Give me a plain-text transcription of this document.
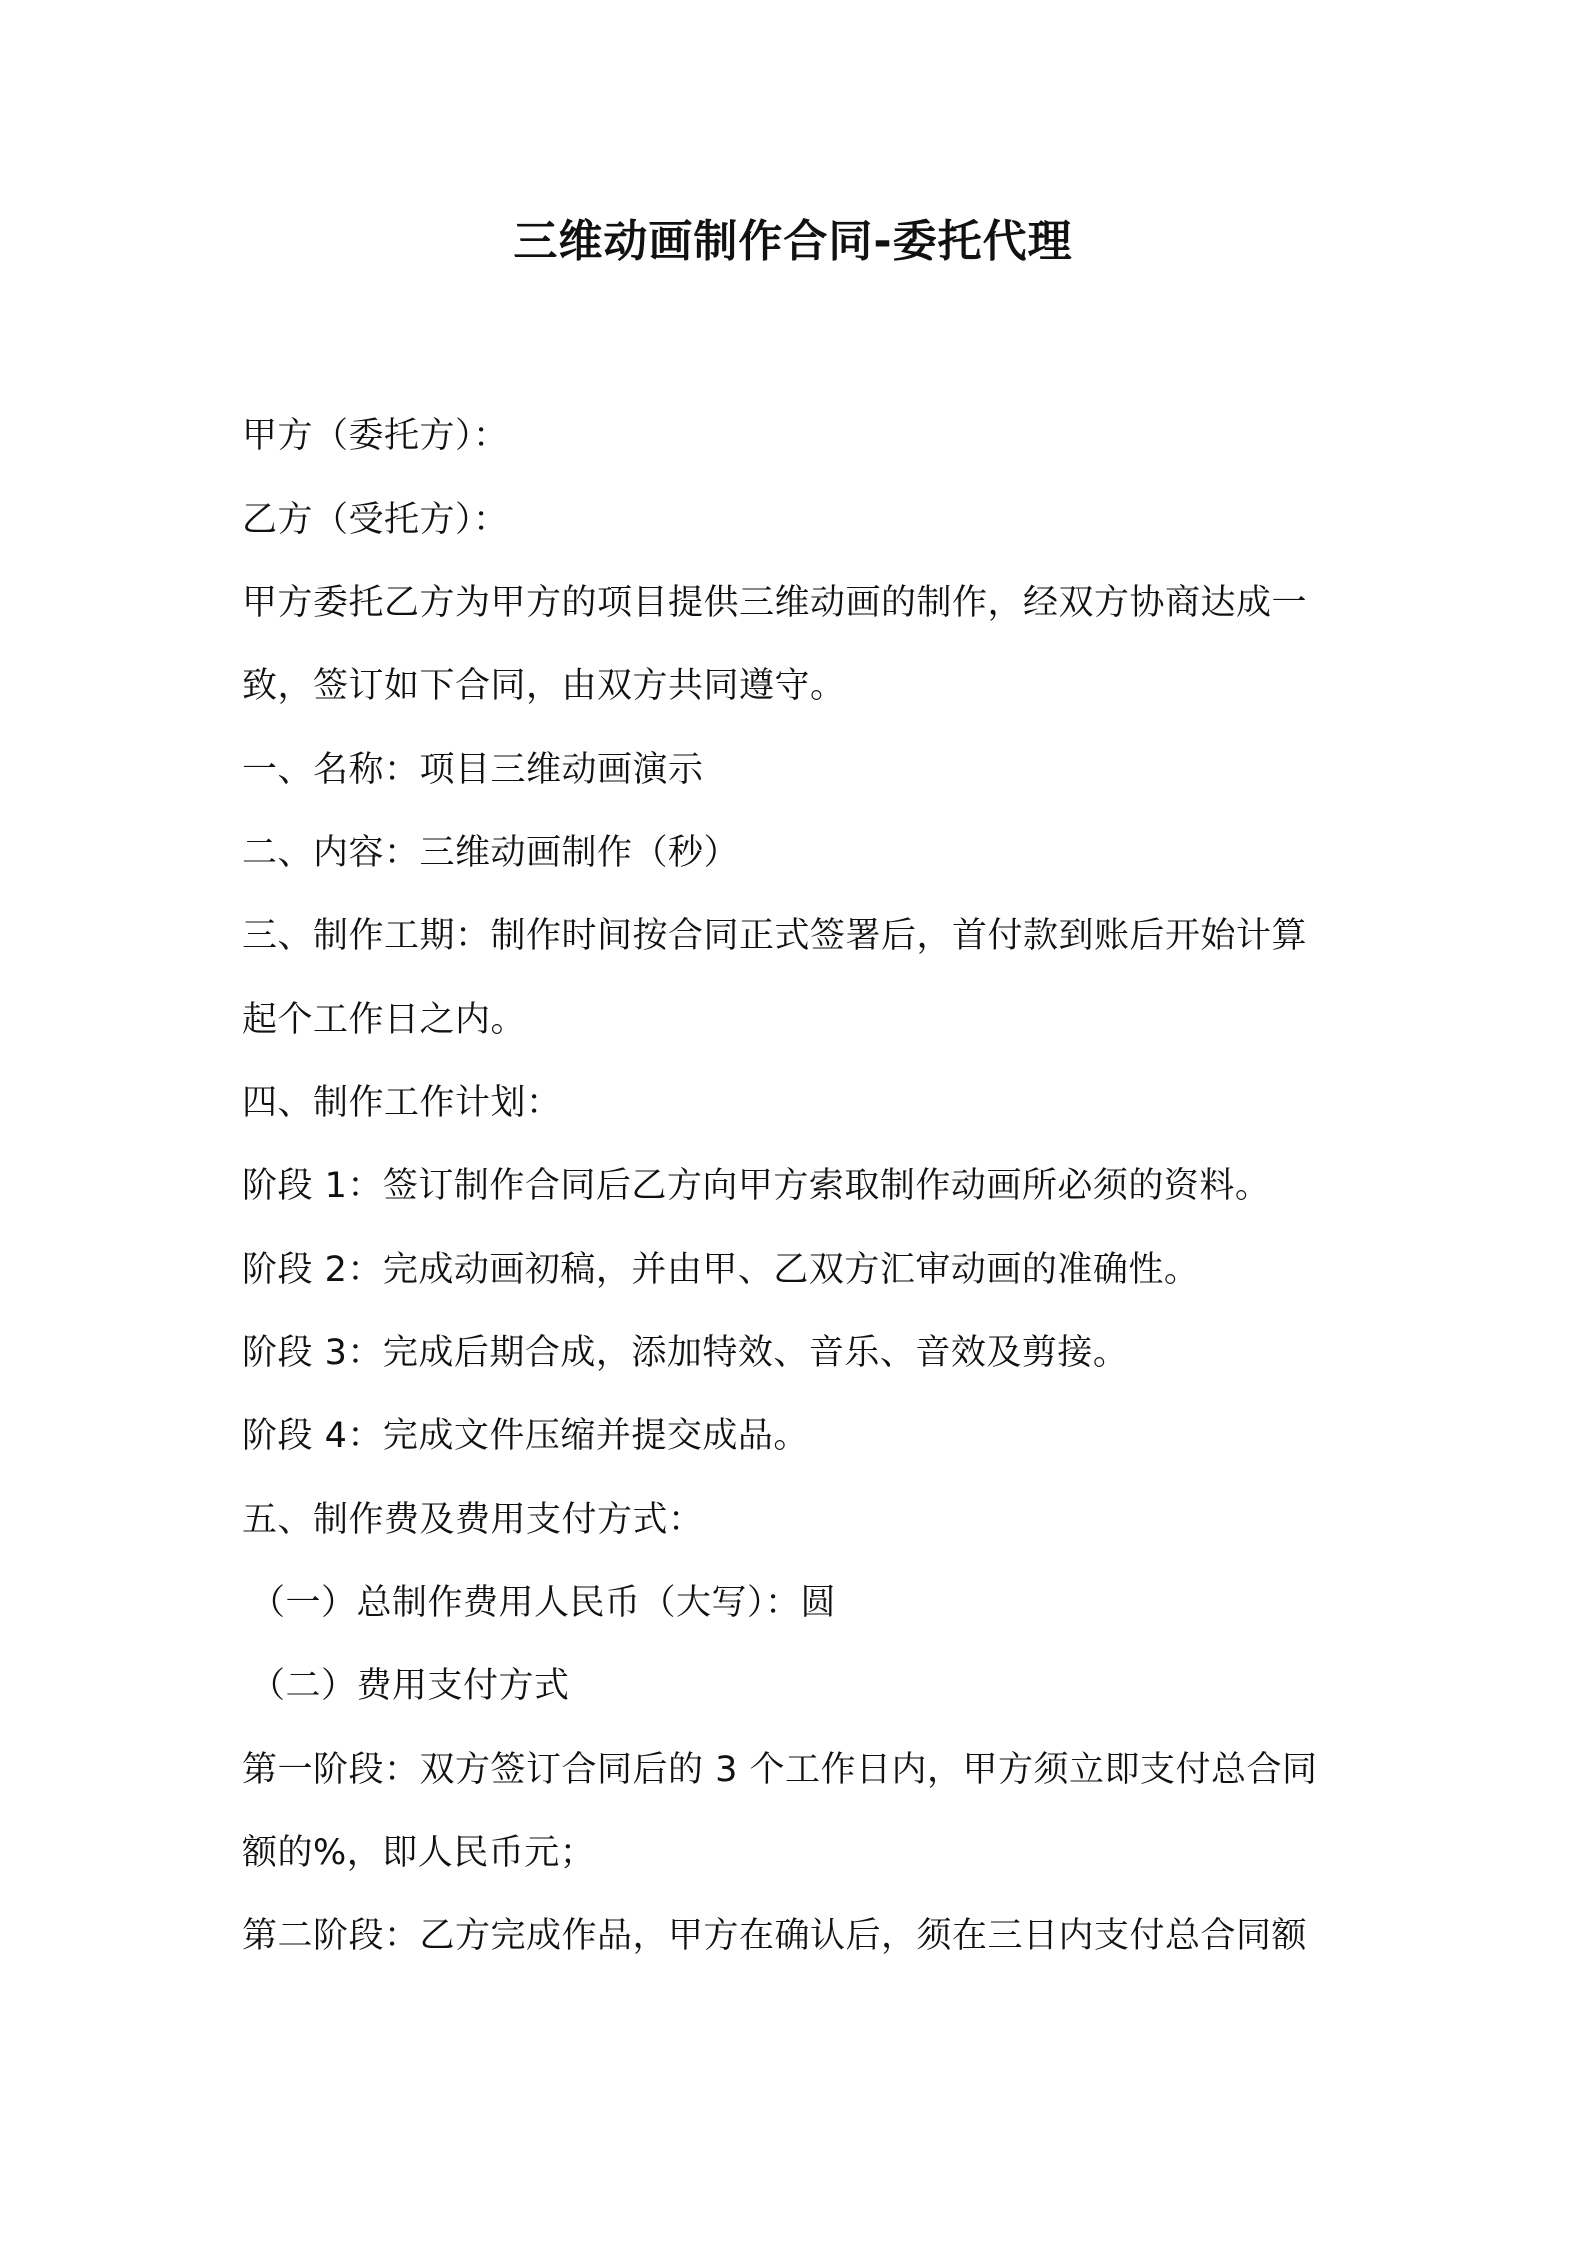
三维动画制作合同-委托代理
甲方（委托方）：
乙方（受托方）：
甲方委托乙方为甲方的项目提供三维动画的制作，经双方协商达成一
致，签订如下合同，由双方共同遵守。
一、名称：项目三维动画演示
二、内容：三维动画制作（秒）
三、制作工期：制作时间按合同正式签署后，首付款到账后开始计算
起个工作日之内。
四、制作工作计划：
阶段 1：签订制作合同后乙方向甲方索取制作动画所必须的资料。
阶段 2：完成动画初稿，并由甲、乙双方汇审动画的准确性。
阶段 3：完成后期合成，添加特效、音乐、音效及剪接。
阶段 4：完成文件压缩并提交成品。
五、制作费及费用支付方式：
（一）总制作费用人民币（大写）：圆
（二）费用支付方式
第一阶段：双方签订合同后的 3 个工作日内，甲方须立即支付总合同
额的%，即人民币元；
第二阶段：乙方完成作品，甲方在确认后，须在三日内支付总合同额
